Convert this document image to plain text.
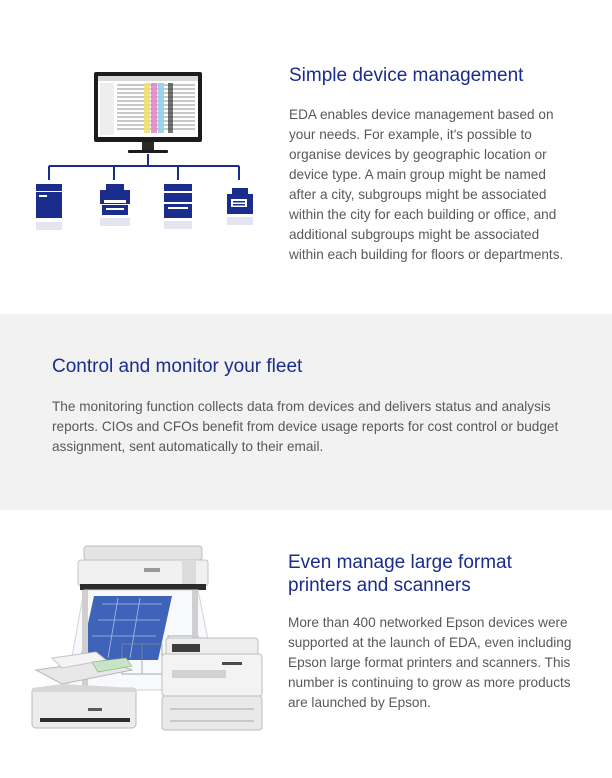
Simple device management

EDA enables device management based on your needs. For example, it's possible to organise devices by geographic location or device type. A main group might be named after a city, subgroups might be associated within the city for each building or office, and additional subgroups might be associated within each building for floors or departments.

Control and monitor your fleet

The monitoring function collects data from devices and delivers status and analysis reports. CIOs and CFOs benefit from device usage reports for cost control or budget assignment, sent automatically to their email.

Even manage large format printers and scanners

More than 400 networked Epson devices were supported at the launch of EDA, even including Epson large format printers and scanners. This number is continuing to grow as more products are launched by Epson.
